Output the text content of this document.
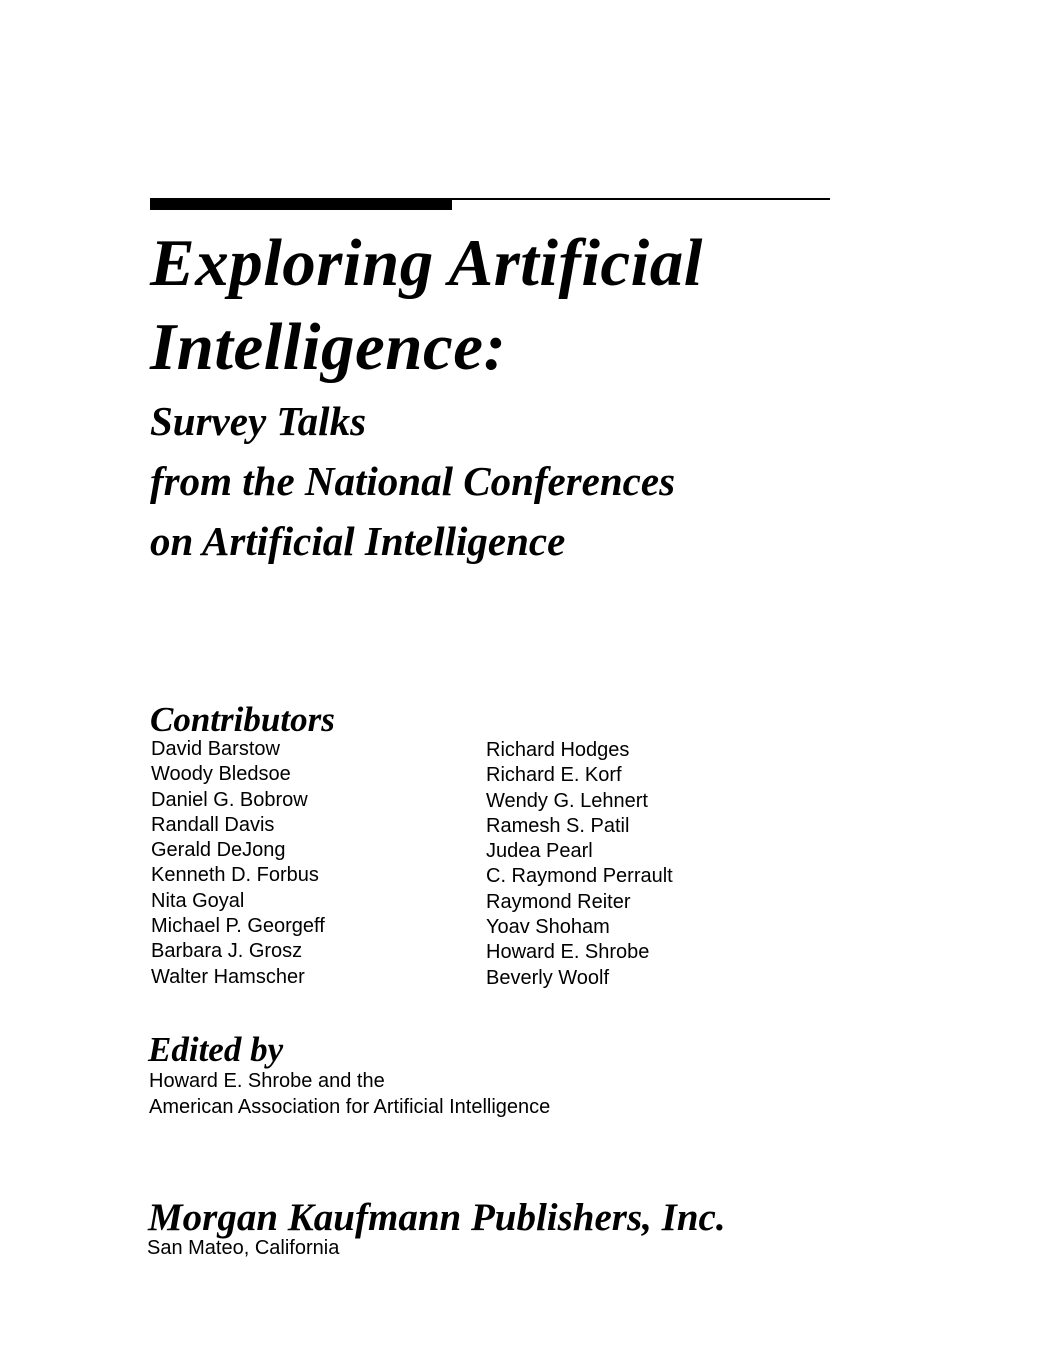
Exploring Artificial
Intelligence:
Survey Talks
from the National Conferences
on Artificial Intelligence
Contributors
David Barstow
Woody Bledsoe
Daniel G. Bobrow
Randall Davis
Gerald DeJong
Kenneth D. Forbus
Nita Goyal
Michael P. Georgeff
Barbara J. Grosz
Walter Hamscher
Richard Hodges
Richard E. Korf
Wendy G. Lehnert
Ramesh S. Patil
Judea Pearl
C. Raymond Perrault
Raymond Reiter
Yoav Shoham
Howard E. Shrobe
Beverly Woolf
Edited by
Howard E. Shrobe and the
American Association for Artificial Intelligence
Morgan Kaufmann Publishers, Inc.
San Mateo, California
